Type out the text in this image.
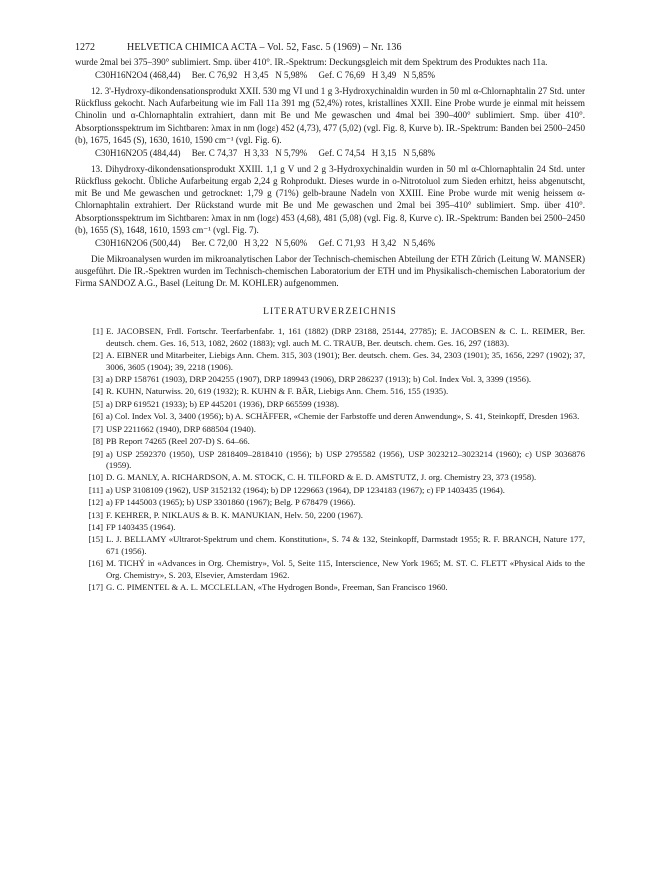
1272	HELVETICA CHIMICA ACTA – Vol. 52, Fasc. 5 (1969) – Nr. 136

wurde 2mal bei 375–390° sublimiert. Smp. über 410°. IR.-Spektrum: Deckungsgleich mit dem Spektrum des Produktes nach 11a.

C30H16N2O4 (468,44)     Ber. C 76,92   H 3,45   N 5,98%     Gef. C 76,69   H 3,49   N 5,85%

12. 3'-Hydroxy-dikondensationsprodukt XXII. 530 mg VI und 1 g 3-Hydroxychinaldin wurden in 50 ml α-Chlornaphtalin 27 Std. unter Rückfluss gekocht. Nach Aufarbeitung wie im Fall 11a 391 mg (52,4%) rotes, kristallines XXII. Eine Probe wurde je einmal mit heissem Chinolin und α-Chlornaphtalin extrahiert, dann mit Be und Me gewaschen und 4mal bei 390–400° sublimiert. Smp. über 410°. Absorptionsspektrum im Sichtbaren: λmax in nm (logε) 452 (4,73), 477 (5,02) (vgl. Fig. 8, Kurve b). IR.-Spektrum: Banden bei 2500–2450 (b), 1675, 1645 (S), 1630, 1610, 1590 cm⁻¹ (vgl. Fig. 6).

C30H16N2O5 (484,44)     Ber. C 74,37   H 3,33   N 5,79%     Gef. C 74,54   H 3,15   N 5,68%

13. Dihydroxy-dikondensationsprodukt XXIII. 1,1 g V und 2 g 3-Hydroxychinaldin wurden in 50 ml α-Chlornaphtalin 24 Std. unter Rückfluss gekocht. Übliche Aufarbeitung ergab 2,24 g Rohprodukt. Dieses wurde in o-Nitrotoluol zum Sieden erhitzt, heiss abgenutscht, mit Be und Me gewaschen und getrocknet: 1,79 g (71%) gelb-braune Nadeln von XXIII. Eine Probe wurde mit wenig heissem α-Chlornaphtalin extrahiert. Der Rückstand wurde mit Be und Me gewaschen und 2mal bei 395–410° sublimiert. Smp. über 410°. Absorptionsspektrum im Sichtbaren: λmax in nm (logε) 453 (4,68), 481 (5,08) (vgl. Fig. 8, Kurve c). IR.-Spektrum: Banden bei 2500–2450 (b), 1655 (S), 1648, 1610, 1593 cm⁻¹ (vgl. Fig. 7).

C30H16N2O6 (500,44)     Ber. C 72,00   H 3,22   N 5,60%     Gef. C 71,93   H 3,42   N 5,46%

Die Mikroanalysen wurden im mikroanalytischen Labor der Technisch-chemischen Abteilung der ETH Zürich (Leitung W. MANSER) ausgeführt. Die IR.-Spektren wurden im Technisch-chemischen Laboratorium der ETH und im Physikalisch-chemischen Laboratorium der Firma SANDOZ A.G., Basel (Leitung Dr. M. KOHLER) aufgenommen.

LITERATURVERZEICHNIS
[1] E. JACOBSEN, Frdl. Fortschr. Teerfarbenfabr. 1, 161 (1882) (DRP 23188, 25144, 27785); E. JACOBSEN & C. L. REIMER, Ber. deutsch. chem. Ges. 16, 513, 1082, 2602 (1883); vgl. auch M. C. TRAUB, Ber. deutsch. chem. Ges. 16, 297 (1883).
[2] A. EIBNER und Mitarbeiter, Liebigs Ann. Chem. 315, 303 (1901); Ber. deutsch. chem. Ges. 34, 2303 (1901); 35, 1656, 2297 (1902); 37, 3006, 3605 (1904); 39, 2218 (1906).
[3] a) DRP 158761 (1903), DRP 204255 (1907), DRP 189943 (1906), DRP 286237 (1913); b) Col. Index Vol. 3, 3399 (1956).
[4] R. KUHN, Naturwiss. 20, 619 (1932); R. KUHN & F. BÄR, Liebigs Ann. Chem. 516, 155 (1935).
[5] a) DRP 619521 (1933); b) EP 445201 (1936), DRP 665599 (1938).
[6] a) Col. Index Vol. 3, 3400 (1956); b) A. SCHÄFFER, «Chemie der Farbstoffe und deren Anwendung», S. 41, Steinkopff, Dresden 1963.
[7] USP 2211662 (1940), DRP 688504 (1940).
[8] PB Report 74265 (Reel 207-D) S. 64–66.
[9] a) USP 2592370 (1950), USP 2818409–2818410 (1956); b) USP 2795582 (1956), USP 3023212–3023214 (1960); c) USP 3036876 (1959).
[10] D. G. MANLY, A. RICHARDSON, A. M. STOCK, C. H. TILFORD & E. D. AMSTUTZ, J. org. Chemistry 23, 373 (1958).
[11] a) USP 3108109 (1962), USP 3152132 (1964); b) DP 1229663 (1964), DP 1234183 (1967); c) FP 1403435 (1964).
[12] a) FP 1445003 (1965); b) USP 3301860 (1967); Belg. P 678479 (1966).
[13] F. KEHRER, P. NIKLAUS & B. K. MANUKIAN, Helv. 50, 2200 (1967).
[14] FP 1403435 (1964).
[15] L. J. BELLAMY «Ultrarot-Spektrum und chem. Konstitution», S. 74 & 132, Steinkopff, Darmstadt 1955; R. F. BRANCH, Nature 177, 671 (1956).
[16] M. TICHÝ in «Advances in Org. Chemistry», Vol. 5, Seite 115, Interscience, New York 1965; M. ST. C. FLETT «Physical Aids to the Org. Chemistry», S. 203, Elsevier, Amsterdam 1962.
[17] G. C. PIMENTEL & A. L. MCCLELLAN, «The Hydrogen Bond», Freeman, San Francisco 1960.
